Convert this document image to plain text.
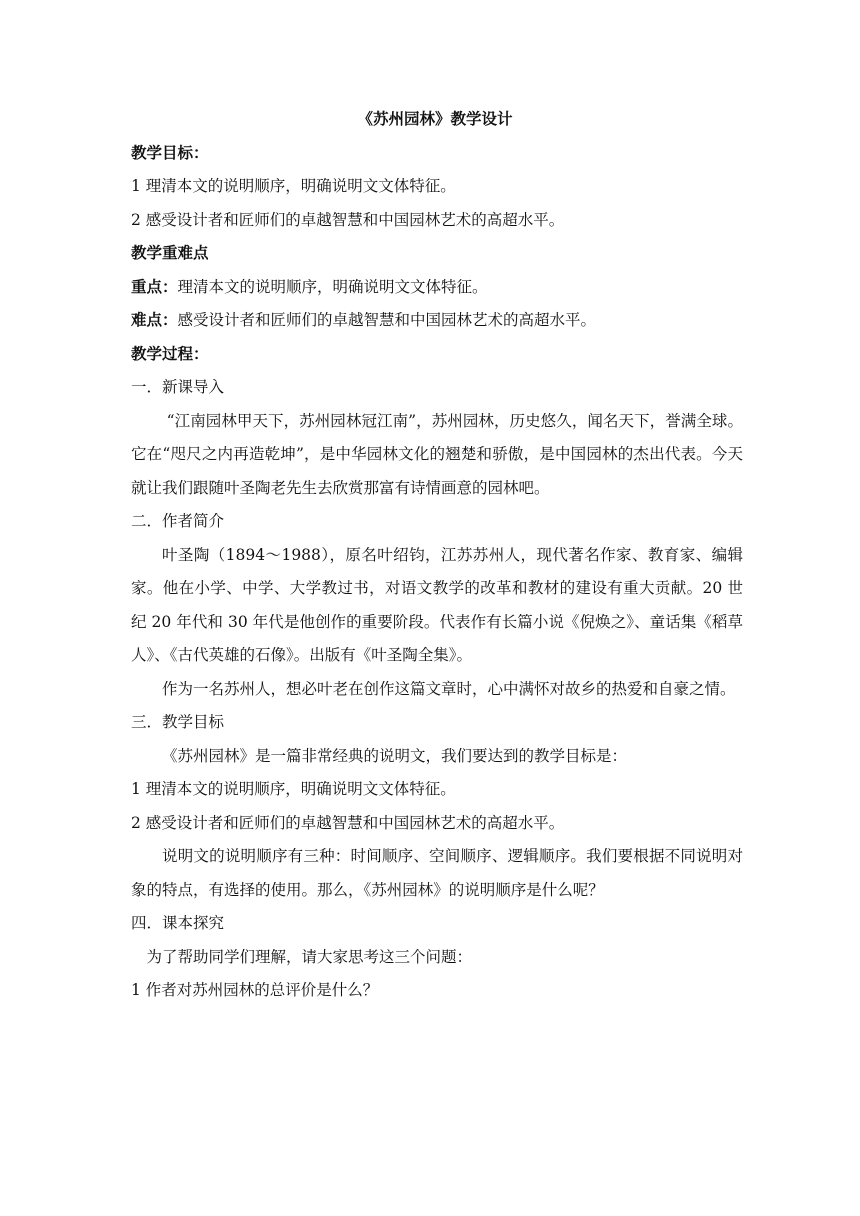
《苏州园林》教学设计
教学目标：
1 理清本文的说明顺序，明确说明文文体特征。
2 感受设计者和匠师们的卓越智慧和中国园林艺术的高超水平。
教学重难点
重点：理清本文的说明顺序，明确说明文文体特征。
难点：感受设计者和匠师们的卓越智慧和中国园林艺术的高超水平。
教学过程：
一．新课导入
“江南园林甲天下，苏州园林冠江南”，苏州园林，历史悠久，闻名天下，誉满全球。它在“咫尺之内再造乾坤”，是中华园林文化的翘楚和骄傲，是中国园林的杰出代表。今天就让我们跟随叶圣陶老先生去欣赏那富有诗情画意的园林吧。
二．作者简介
叶圣陶（1894～1988），原名叶绍钧，江苏苏州人，现代著名作家、教育家、编辑家。他在小学、中学、大学教过书，对语文教学的改革和教材的建设有重大贡献。20 世纪 20 年代和 30 年代是他创作的重要阶段。代表作有长篇小说《倪焕之》、童话集《稻草人》、《古代英雄的石像》。出版有《叶圣陶全集》。
作为一名苏州人，想必叶老在创作这篇文章时，心中满怀对故乡的热爱和自豪之情。
三．教学目标
《苏州园林》是一篇非常经典的说明文，我们要达到的教学目标是：
1 理清本文的说明顺序，明确说明文文体特征。
2 感受设计者和匠师们的卓越智慧和中国园林艺术的高超水平。
说明文的说明顺序有三种：时间顺序、空间顺序、逻辑顺序。我们要根据不同说明对象的特点，有选择的使用。那么，《苏州园林》的说明顺序是什么呢？
四．课本探究
为了帮助同学们理解，请大家思考这三个问题：
1 作者对苏州园林的总评价是什么？
